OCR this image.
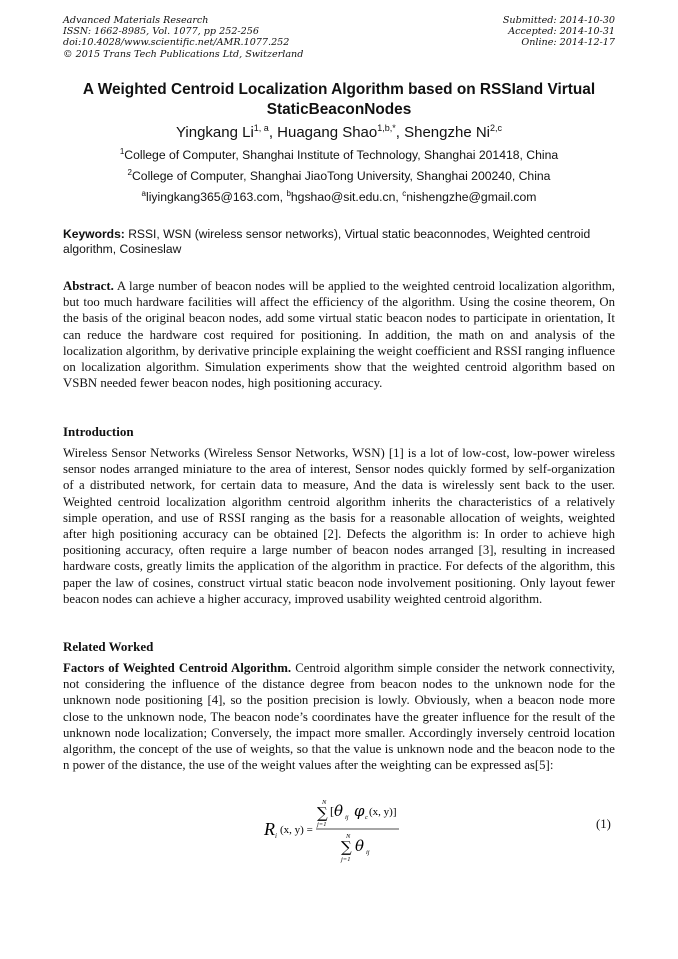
Advanced Materials Research
ISSN: 1662-8985, Vol. 1077, pp 252-256
doi:10.4028/www.scientific.net/AMR.1077.252
© 2015 Trans Tech Publications Ltd, Switzerland
Submitted: 2014-10-30
Accepted: 2014-10-31
Online: 2014-12-17
A Weighted Centroid Localization Algorithm based on RSSIand Virtual
StaticBeaconNodes
Yingkang Li$^{1, a}$, Huagang Shao$^{1,b,*}$, Shengzhe Ni$^{2,c}$
$^1$College of Computer, Shanghai Institute of Technology, Shanghai 201418, China
$^2$College of Computer, Shanghai JiaoTong University, Shanghai 200240, China
$^a$liyingkang365@163.com, $^b$hgshao@sit.edu.cn, $^c$nishengzhe@gmail.com
Keywords: RSSI, WSN (wireless sensor networks), Virtual static beaconnodes, Weighted centroid algorithm, Cosineslaw
Abstract. A large number of beacon nodes will be applied to the weighted centroid localization algorithm, but too much hardware facilities will affect the efficiency of the algorithm. Using the cosine theorem, On the basis of the original beacon nodes, add some virtual static beacon nodes to participate in orientation, It can reduce the hardware cost required for positioning. In addition, the math on and analysis of the localization algorithm, by derivative principle explaining the weight coefficient and RSSI ranging influence on localization algorithm. Simulation experiments show that the weighted centroid algorithm based on VSBN needed fewer beacon nodes, high positioning accuracy.
Introduction
Wireless Sensor Networks (Wireless Sensor Networks, WSN) [1] is a lot of low-cost, low-power wireless sensor nodes arranged miniature to the area of interest, Sensor nodes quickly formed by self-organization of a distributed network, for certain data to measure, And the data is wirelessly sent back to the user. Weighted centroid localization algorithm centroid algorithm inherits the characteristics of a relatively simple operation, and use of RSSI ranging as the basis for a reasonable allocation of weights, weighted after high positioning accuracy can be obtained [2]. Defects the algorithm is: In order to achieve high positioning accuracy, often require a large number of beacon nodes arranged [3], resulting in increased hardware costs, greatly limits the application of the algorithm in practice. For defects of the algorithm, this paper the law of cosines, construct virtual static beacon node involvement positioning. Only layout fewer beacon nodes can achieve a higher accuracy, improved usability weighted centroid algorithm.
Related Worked
Factors of Weighted Centroid Algorithm. Centroid algorithm simple consider the network connectivity, not considering the influence of the distance degree from beacon nodes to the unknown node for the unknown node positioning [4], so the position precision is lowly. Obviously, when a beacon node more close to the unknown node, The beacon node’s coordinates have the greater influence for the result of the unknown node localization; Conversely, the impact more smaller. Accordingly inversely centroid location algorithm, the concept of the use of weights, so that the value is unknown node and the beacon node to the n power of the distance, the use of the weight values after the weighting can be expressed as[5]:
R i (x, y) =
N
∑
j=1
[ θ ij φ c (x, y)]
N
∑
j=1
θ ij
(1)
